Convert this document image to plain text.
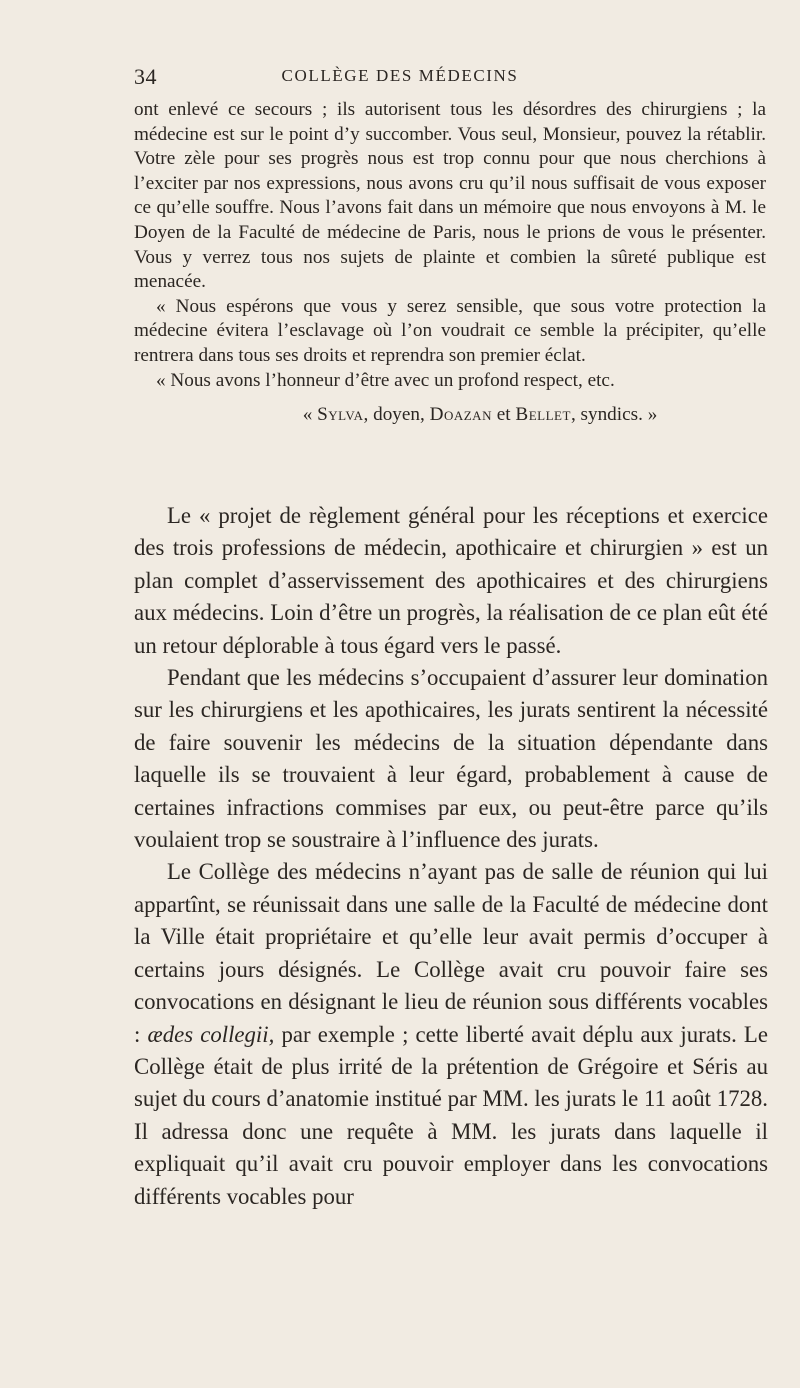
34	COLLÈGE DES MÉDECINS

ont enlevé ce secours ; ils autorisent tous les désordres des chirurgiens ; la médecine est sur le point d’y succomber. Vous seul, Monsieur, pouvez la rétablir. Votre zèle pour ses progrès nous est trop connu pour que nous cherchions à l’exciter par nos expressions, nous avons cru qu’il nous suffisait de vous exposer ce qu’elle souffre. Nous l’avons fait dans un mémoire que nous envoyons à M. le Doyen de la Faculté de médecine de Paris, nous le prions de vous le présenter. Vous y verrez tous nos sujets de plainte et combien la sûreté publique est menacée.

« Nous espérons que vous y serez sensible, que sous votre protection la médecine évitera l’esclavage où l’on voudrait ce semble la précipiter, qu’elle rentrera dans tous ses droits et reprendra son premier éclat.

« Nous avons l’honneur d’être avec un profond respect, etc.

« Sylva, doyen, Doazan et Bellet, syndics. »

Le « projet de règlement général pour les réceptions et exercice des trois professions de médecin, apothicaire et chirurgien » est un plan complet d’asservissement des apothicaires et des chirurgiens aux médecins. Loin d’être un progrès, la réalisation de ce plan eût été un retour déplorable à tous égard vers le passé.

Pendant que les médecins s’occupaient d’assurer leur domination sur les chirurgiens et les apothicaires, les jurats sentirent la nécessité de faire souvenir les médecins de la situation dépendante dans laquelle ils se trouvaient à leur égard, probablement à cause de certaines infractions commises par eux, ou peut-être parce qu’ils voulaient trop se soustraire à l’influence des jurats.

Le Collège des médecins n’ayant pas de salle de réunion qui lui appartînt, se réunissait dans une salle de la Faculté de médecine dont la Ville était propriétaire et qu’elle leur avait permis d’occuper à certains jours désignés. Le Collège avait cru pouvoir faire ses convocations en désignant le lieu de réunion sous différents vocables : ædes collegii, par exemple ; cette liberté avait déplu aux jurats. Le Collège était de plus irrité de la prétention de Grégoire et Séris au sujet du cours d’anatomie institué par MM. les jurats le 11 août 1728. Il adressa donc une requête à MM. les jurats dans laquelle il expliquait qu’il avait cru pouvoir employer dans les convocations différents vocables pour
